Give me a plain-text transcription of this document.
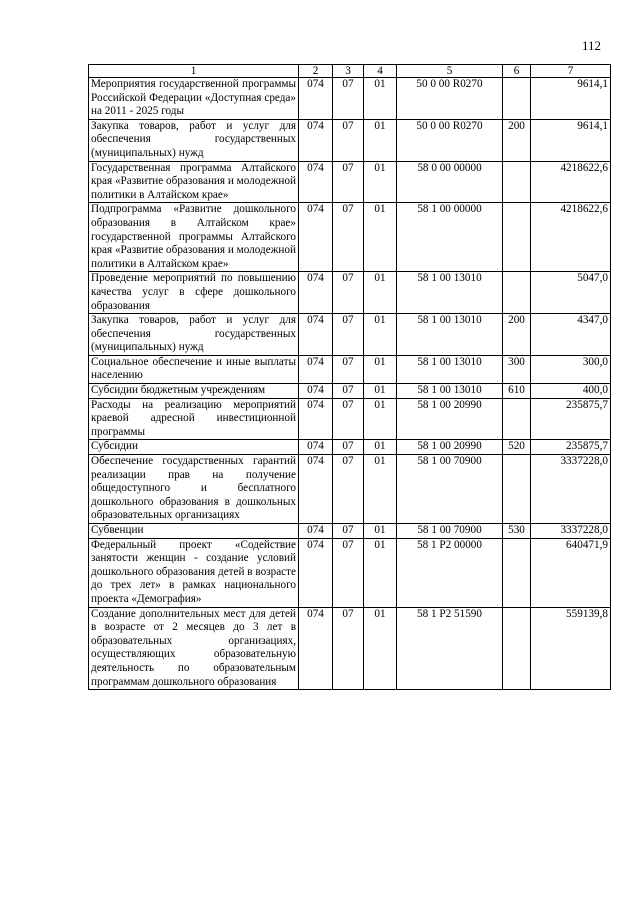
112
1	2	3	4	5	6	7
Мероприятия государственной программы Российской Федерации «Доступная среда» на 2011 - 2025 годы	074	07	01	50 0 00 R0270		9614,1
Закупка товаров, работ и услуг для обеспечения государственных (муниципальных) нужд	074	07	01	50 0 00 R0270	200	9614,1
Государственная программа Алтайского края «Развитие образования и молодежной политики в Алтайском крае»	074	07	01	58 0 00 00000		4218622,6
Подпрограмма «Развитие дошкольного образования в Алтайском крае» государственной программы Алтайского края «Развитие образования и молодежной политики в Алтайском крае»	074	07	01	58 1 00 00000		4218622,6
Проведение мероприятий по повышению качества услуг в сфере дошкольного образования	074	07	01	58 1 00 13010		5047,0
Закупка товаров, работ и услуг для обеспечения государственных (муниципальных) нужд	074	07	01	58 1 00 13010	200	4347,0
Социальное обеспечение и иные выплаты населению	074	07	01	58 1 00 13010	300	300,0
Субсидии бюджетным учреждениям	074	07	01	58 1 00 13010	610	400,0
Расходы на реализацию мероприятий краевой адресной инвестиционной программы	074	07	01	58 1 00 20990		235875,7
Субсидии	074	07	01	58 1 00 20990	520	235875,7
Обеспечение государственных гарантий реализации прав на получение общедоступного и бесплатного дошкольного образования в дошкольных образовательных организациях	074	07	01	58 1 00 70900		3337228,0
Субвенции	074	07	01	58 1 00 70900	530	3337228,0
Федеральный проект «Содействие занятости женщин - создание условий дошкольного образования детей в возрасте до трех лет» в рамках национального проекта «Демография»	074	07	01	58 1 P2 00000		640471,9
Создание дополнительных мест для детей в возрасте от 2 месяцев до 3 лет в образовательных организациях, осуществляющих образовательную деятельность по образовательным программам дошкольного образования	074	07	01	58 1 P2 51590		559139,8
